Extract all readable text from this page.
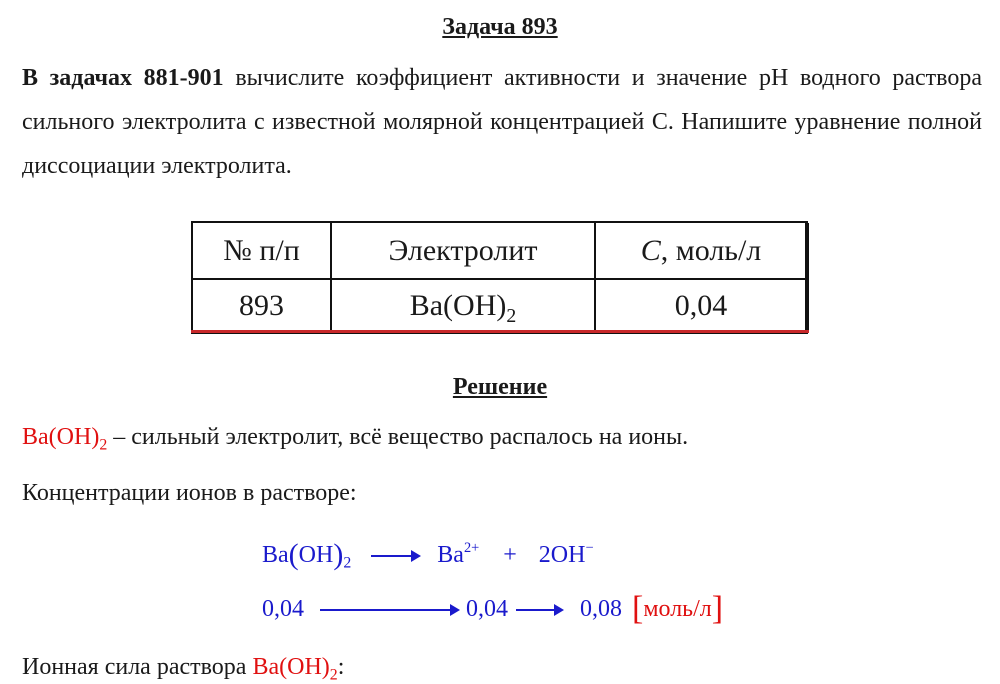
Задача 893
В задачах 881-901 вычислите коэффициент активности и значение pH водного раствора сильного электролита с известной молярной концентрацией C. Напишите уравнение полной диссоциации электролита.
№ п/п	Электролит	C, моль/л
893	$Ba(OH)_2$	0,04
Решение
$Ba(OH)_2$ – сильный электролит, всё вещество распалось на ионы.
Концентрации ионов в растворе:
$Ba(OH)_2$	$Ba^{2+} + 2OH^-$
0,04	0,04	0,08 [моль/л]
Ионная сила раствора $Ba(OH)_2$:
